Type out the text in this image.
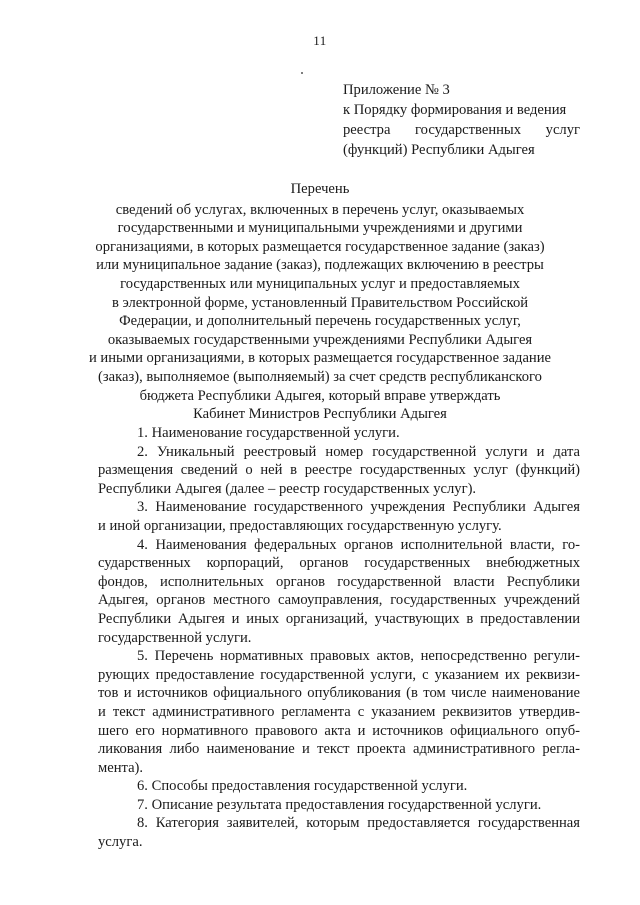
11
Приложение № 3
к Порядку формирования и ведения
реестра государственных услуг
(функций) Республики Адыгея
Перечень
сведений об услугах, включенных в перечень услуг, оказываемых
государственными и муниципальными учреждениями и другими
организациями, в которых размещается государственное задание (заказ)
или муниципальное задание (заказ), подлежащих включению в реестры
государственных или муниципальных услуг и предоставляемых
в электронной форме, установленный Правительством Российской
Федерации, и дополнительный перечень государственных услуг,
оказываемых государственными учреждениями Республики Адыгея
и иными организациями, в которых размещается государственное задание
(заказ), выполняемое (выполняемый) за счет средств республиканского
бюджета Республики Адыгея, который вправе утверждать
Кабинет Министров Республики Адыгея
1. Наименование государственной услуги.
2. Уникальный реестровый номер государственной услуги и дата
размещения сведений о ней в реестре государственных услуг (функций)
Республики Адыгея (далее – реестр государственных услуг).
3. Наименование государственного учреждения Республики Адыгея
и иной организации, предоставляющих государственную услугу.
4. Наименования федеральных органов исполнительной власти, го-
сударственных корпораций, органов государственных внебюджетных
фондов, исполнительных органов государственной власти Республики
Адыгея, органов местного самоуправления, государственных учреждений
Республики Адыгея и иных организаций, участвующих в предоставлении
государственной услуги.
5. Перечень нормативных правовых актов, непосредственно регули-
рующих предоставление государственной услуги, с указанием их реквизи-
тов и источников официального опубликования (в том числе наименование
и текст административного регламента с указанием реквизитов утвердив-
шего его нормативного правового акта и источников официального опуб-
ликования либо наименование и текст проекта административного регла-
мента).
6. Способы предоставления государственной услуги.
7. Описание результата предоставления государственной услуги.
8. Категория заявителей, которым предоставляется государственная
услуга.
